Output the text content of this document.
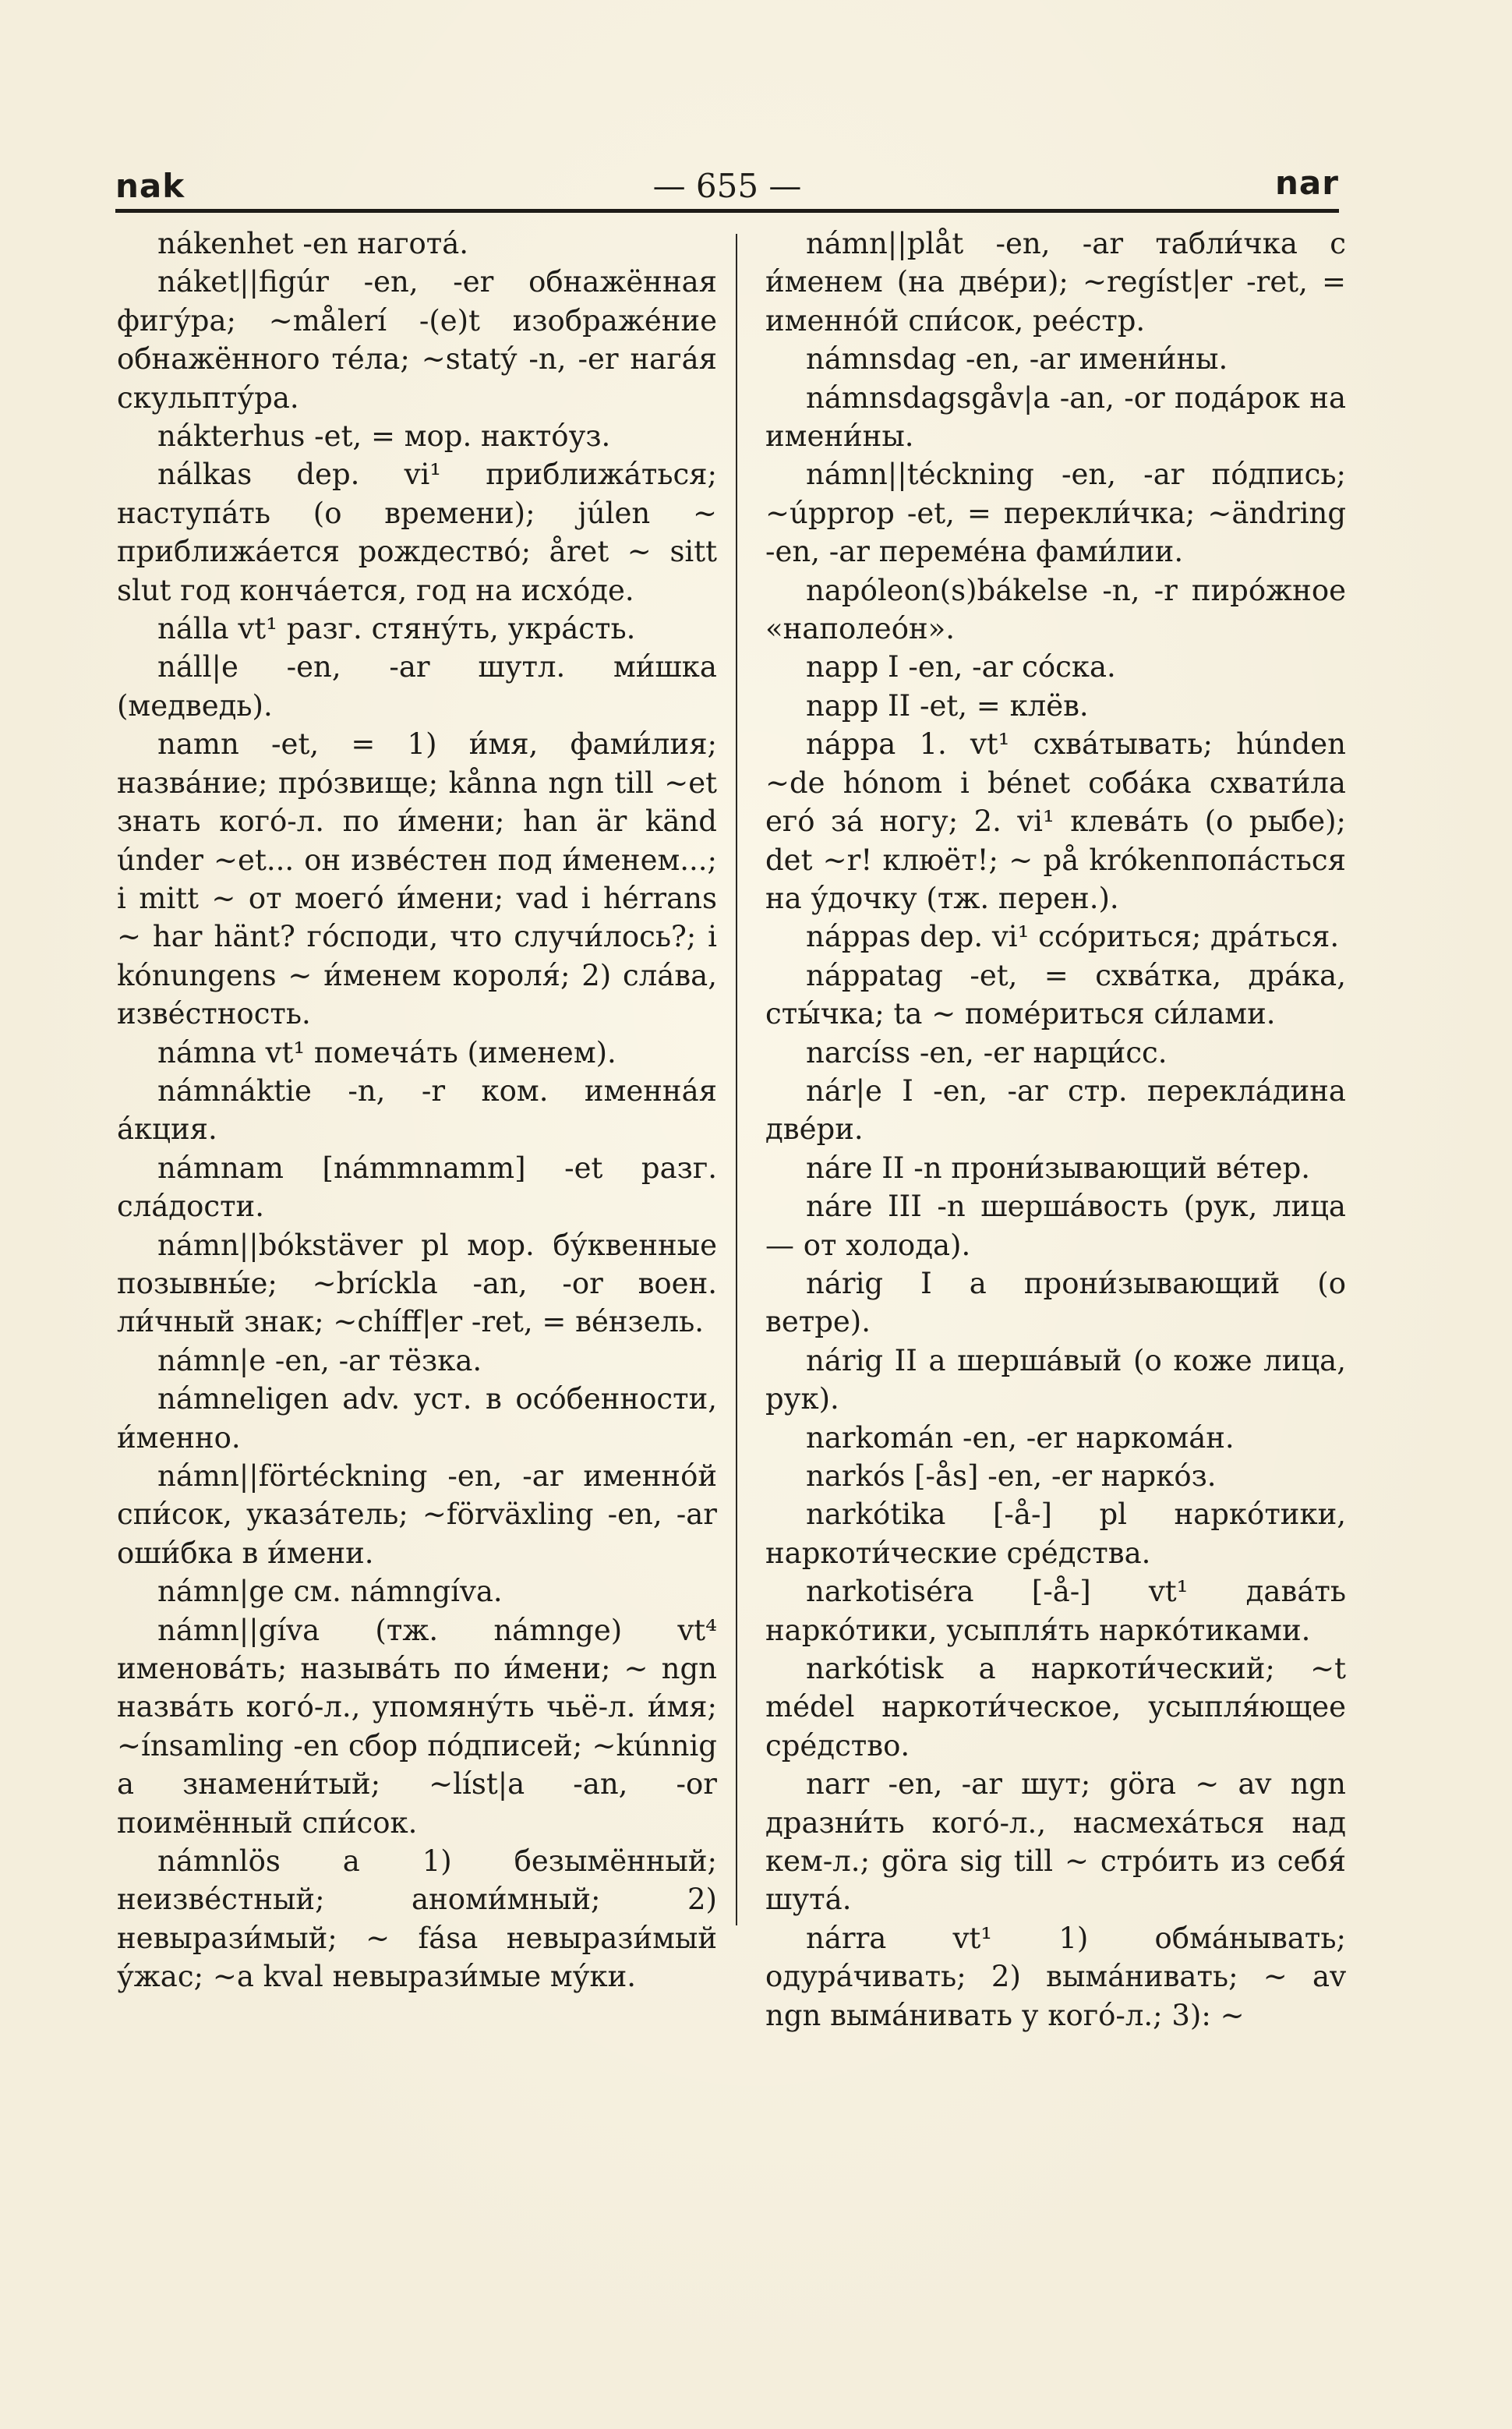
nak	— 655 —	nar

nákenhet -en нагота́.

náket||figúr -en, -er обнажённая фигу́ра; ~målerí -(e)t изображе́ние обнажённого те́ла; ~statý -n, -er нага́я скульпту́ра.

nákterhus -et, = мор. накто́уз.

nálkas dep. vi¹ приближа́ться; наступа́ть (о времени); júlen ~ приближа́ется рождество́; året ~ sitt slut год конча́ется, год на исхо́де.

nálla vt¹ разг. стяну́ть, укра́сть.

náll|e -en, -ar шутл. ми́шка (медведь).

namn -et, = 1) и́мя, фами́лия; назва́ние; про́звище; kånna ngn till ~et знать кого́-л. по и́мени; han är känd únder ~et... он изве́стен под и́менем...; i mitt ~ от моего́ и́мени; vad i hérrans ~ har hänt? го́споди, что случи́лось?; i kónungens ~ и́менем короля́; 2) сла́ва, изве́стность.

námna vt¹ помеча́ть (именем).

námnáktie -n, -r ком. именна́я а́кция.

námnam [námmnamm] -et разг. сла́дости.

námn||bókstäver pl мор. бу́квенные позывны́е; ~brícklа -an, -or воен. ли́чный знак; ~chíff|er -ret, = ве́нзель.

námn|e -en, -ar тёзка.

námneligen adv. уст. в осо́бенности, и́менно.

námn||förtéckning -en, -ar именно́й спи́сок, указа́тель; ~förväxling -en, -ar оши́бка в и́мени.

námn|ge см. námngíva.

námn||gíva (тж. námnge) vt⁴ именова́ть; называ́ть по и́мени; ~ ngn назва́ть кого́-л., упомяну́ть чьё-л. и́мя; ~ínsamling -en сбор по́дписей; ~kúnnig a знамени́тый; ~líst|a -an, -or поимённый спи́сок.

námnlös a 1) безымённый; неизве́стный; аноми́мный; 2) невырази́мый; ~ fása невырази́мый у́жас; ~a kval невырази́мые му́ки.

námn||plåt -en, -ar табли́чка с и́менем (на две́ри); ~regíst|er -ret, = именно́й спи́сок, рее́стр.

námnsdag -en, -ar имени́ны.

námnsdagsgåv|a -an, -or пода́рок на имени́ны.

námn||téckning -en, -ar по́дпись; ~úpprop -et, = перекли́чка; ~ändring -en, -ar переме́на фами́лии.

napóleon(s)bákelse -n, -r пиро́жное «наполео́н».

napp I -en, -ar со́ска.

napp II -et, = клёв.

náppa 1. vt¹ схва́тывать; húnden ~de hónom i bénet соба́ка схвати́ла его́ за́ ногу; 2. vi¹ клева́ть (о рыбе); det ~r! клюёт!; ~ på krókenпопа́сться на у́дочку (тж. перен.).

náppas dep. vi¹ ссо́риться; дра́ться.

náppatag -et, = схва́тка, дра́ка, сты́чка; ta ~ поме́риться си́лами.

narcíss -en, -er нарци́сс.

nár|e I -en, -ar стр. перекла́дина две́ри.

náre II -n прони́зывающий ве́тер.

náre III -n шерша́вость (рук, лица — от холода).

nárig I a прони́зывающий (о ветре).

nárig II a шерша́вый (о коже лица, рук).

narkomán -en, -er наркома́н.

narkós [-ås] -en, -er нарко́з.

narkótika [-å-] pl нарко́тики, наркоти́ческие сре́дства.

narkotiséra [-å-] vt¹ дава́ть нарко́тики, усыпля́ть нарко́тиками.

narkótisk a наркоти́ческий; ~t médel наркоти́ческое, усыпля́ющее сре́дство.

narr -en, -ar шут; göra ~ av ngn дразни́ть кого́-л., насмеха́ться над кем-л.; göra sig till ~ стро́ить из себя́ шута́.

nárra vt¹ 1) обма́нывать; одура́чивать; 2) выма́нивать; ~ av ngn выма́нивать у кого́-л.; 3): ~
